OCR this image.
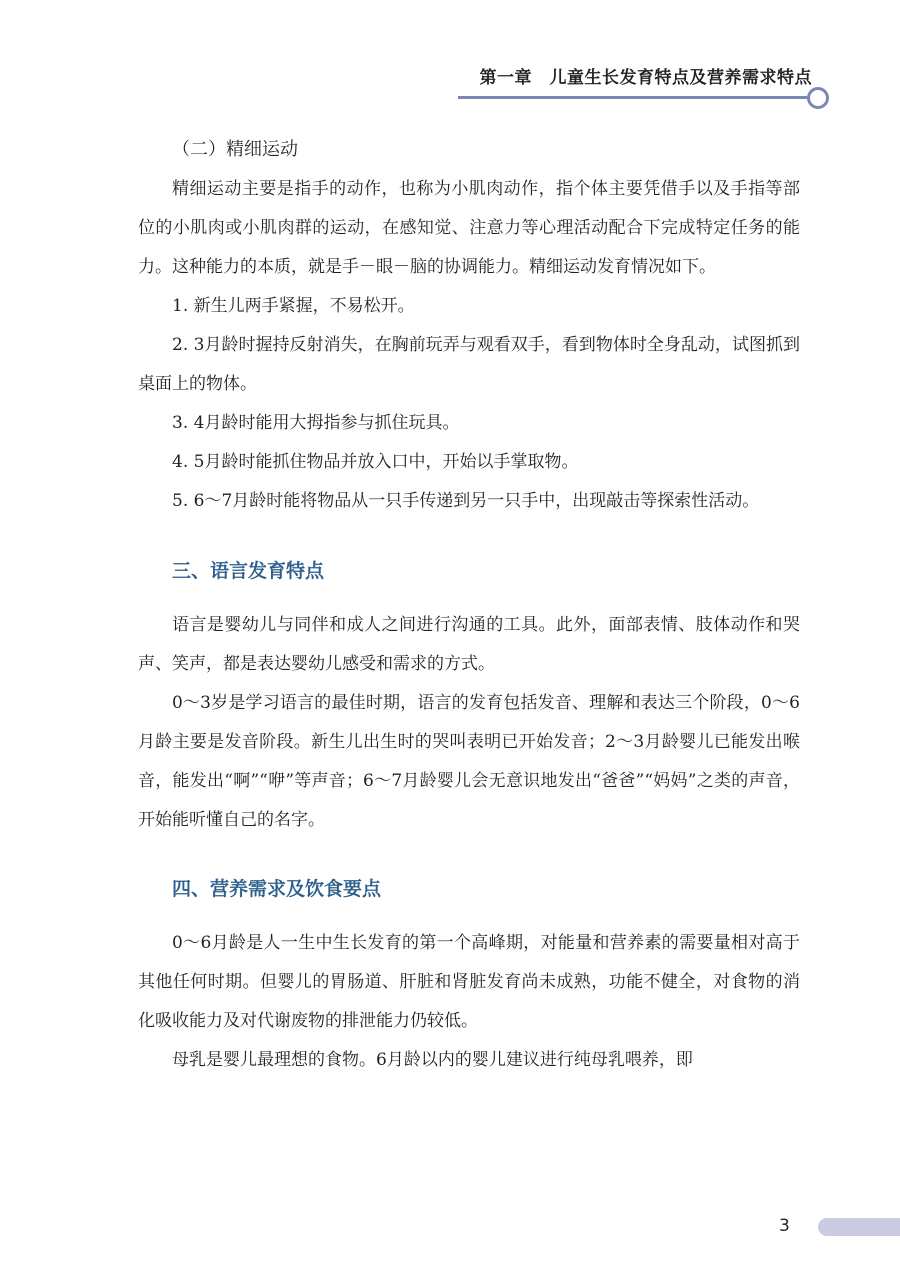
第一章　儿童生长发育特点及营养需求特点
（二）精细运动

精细运动主要是指手的动作，也称为小肌肉动作，指个体主要凭借手以及手指等部位的小肌肉或小肌肉群的运动，在感知觉、注意力等心理活动配合下完成特定任务的能力。这种能力的本质，就是手－眼－脑的协调能力。精细运动发育情况如下。

1. 新生儿两手紧握，不易松开。

2. 3月龄时握持反射消失，在胸前玩弄与观看双手，看到物体时全身乱动，试图抓到桌面上的物体。

3. 4月龄时能用大拇指参与抓住玩具。

4. 5月龄时能抓住物品并放入口中，开始以手掌取物。

5. 6～7月龄时能将物品从一只手传递到另一只手中，出现敲击等探索性活动。

三、语言发育特点

语言是婴幼儿与同伴和成人之间进行沟通的工具。此外，面部表情、肢体动作和哭声、笑声，都是表达婴幼儿感受和需求的方式。

0～3岁是学习语言的最佳时期，语言的发育包括发音、理解和表达三个阶段，0～6月龄主要是发音阶段。新生儿出生时的哭叫表明已开始发音；2～3月龄婴儿已能发出喉音，能发出“啊”“咿”等声音；6～7月龄婴儿会无意识地发出“爸爸”“妈妈”之类的声音，开始能听懂自己的名字。

四、营养需求及饮食要点

0～6月龄是人一生中生长发育的第一个高峰期，对能量和营养素的需要量相对高于其他任何时期。但婴儿的胃肠道、肝脏和肾脏发育尚未成熟，功能不健全，对食物的消化吸收能力及对代谢废物的排泄能力仍较低。

母乳是婴儿最理想的食物。6月龄以内的婴儿建议进行纯母乳喂养，即

3
